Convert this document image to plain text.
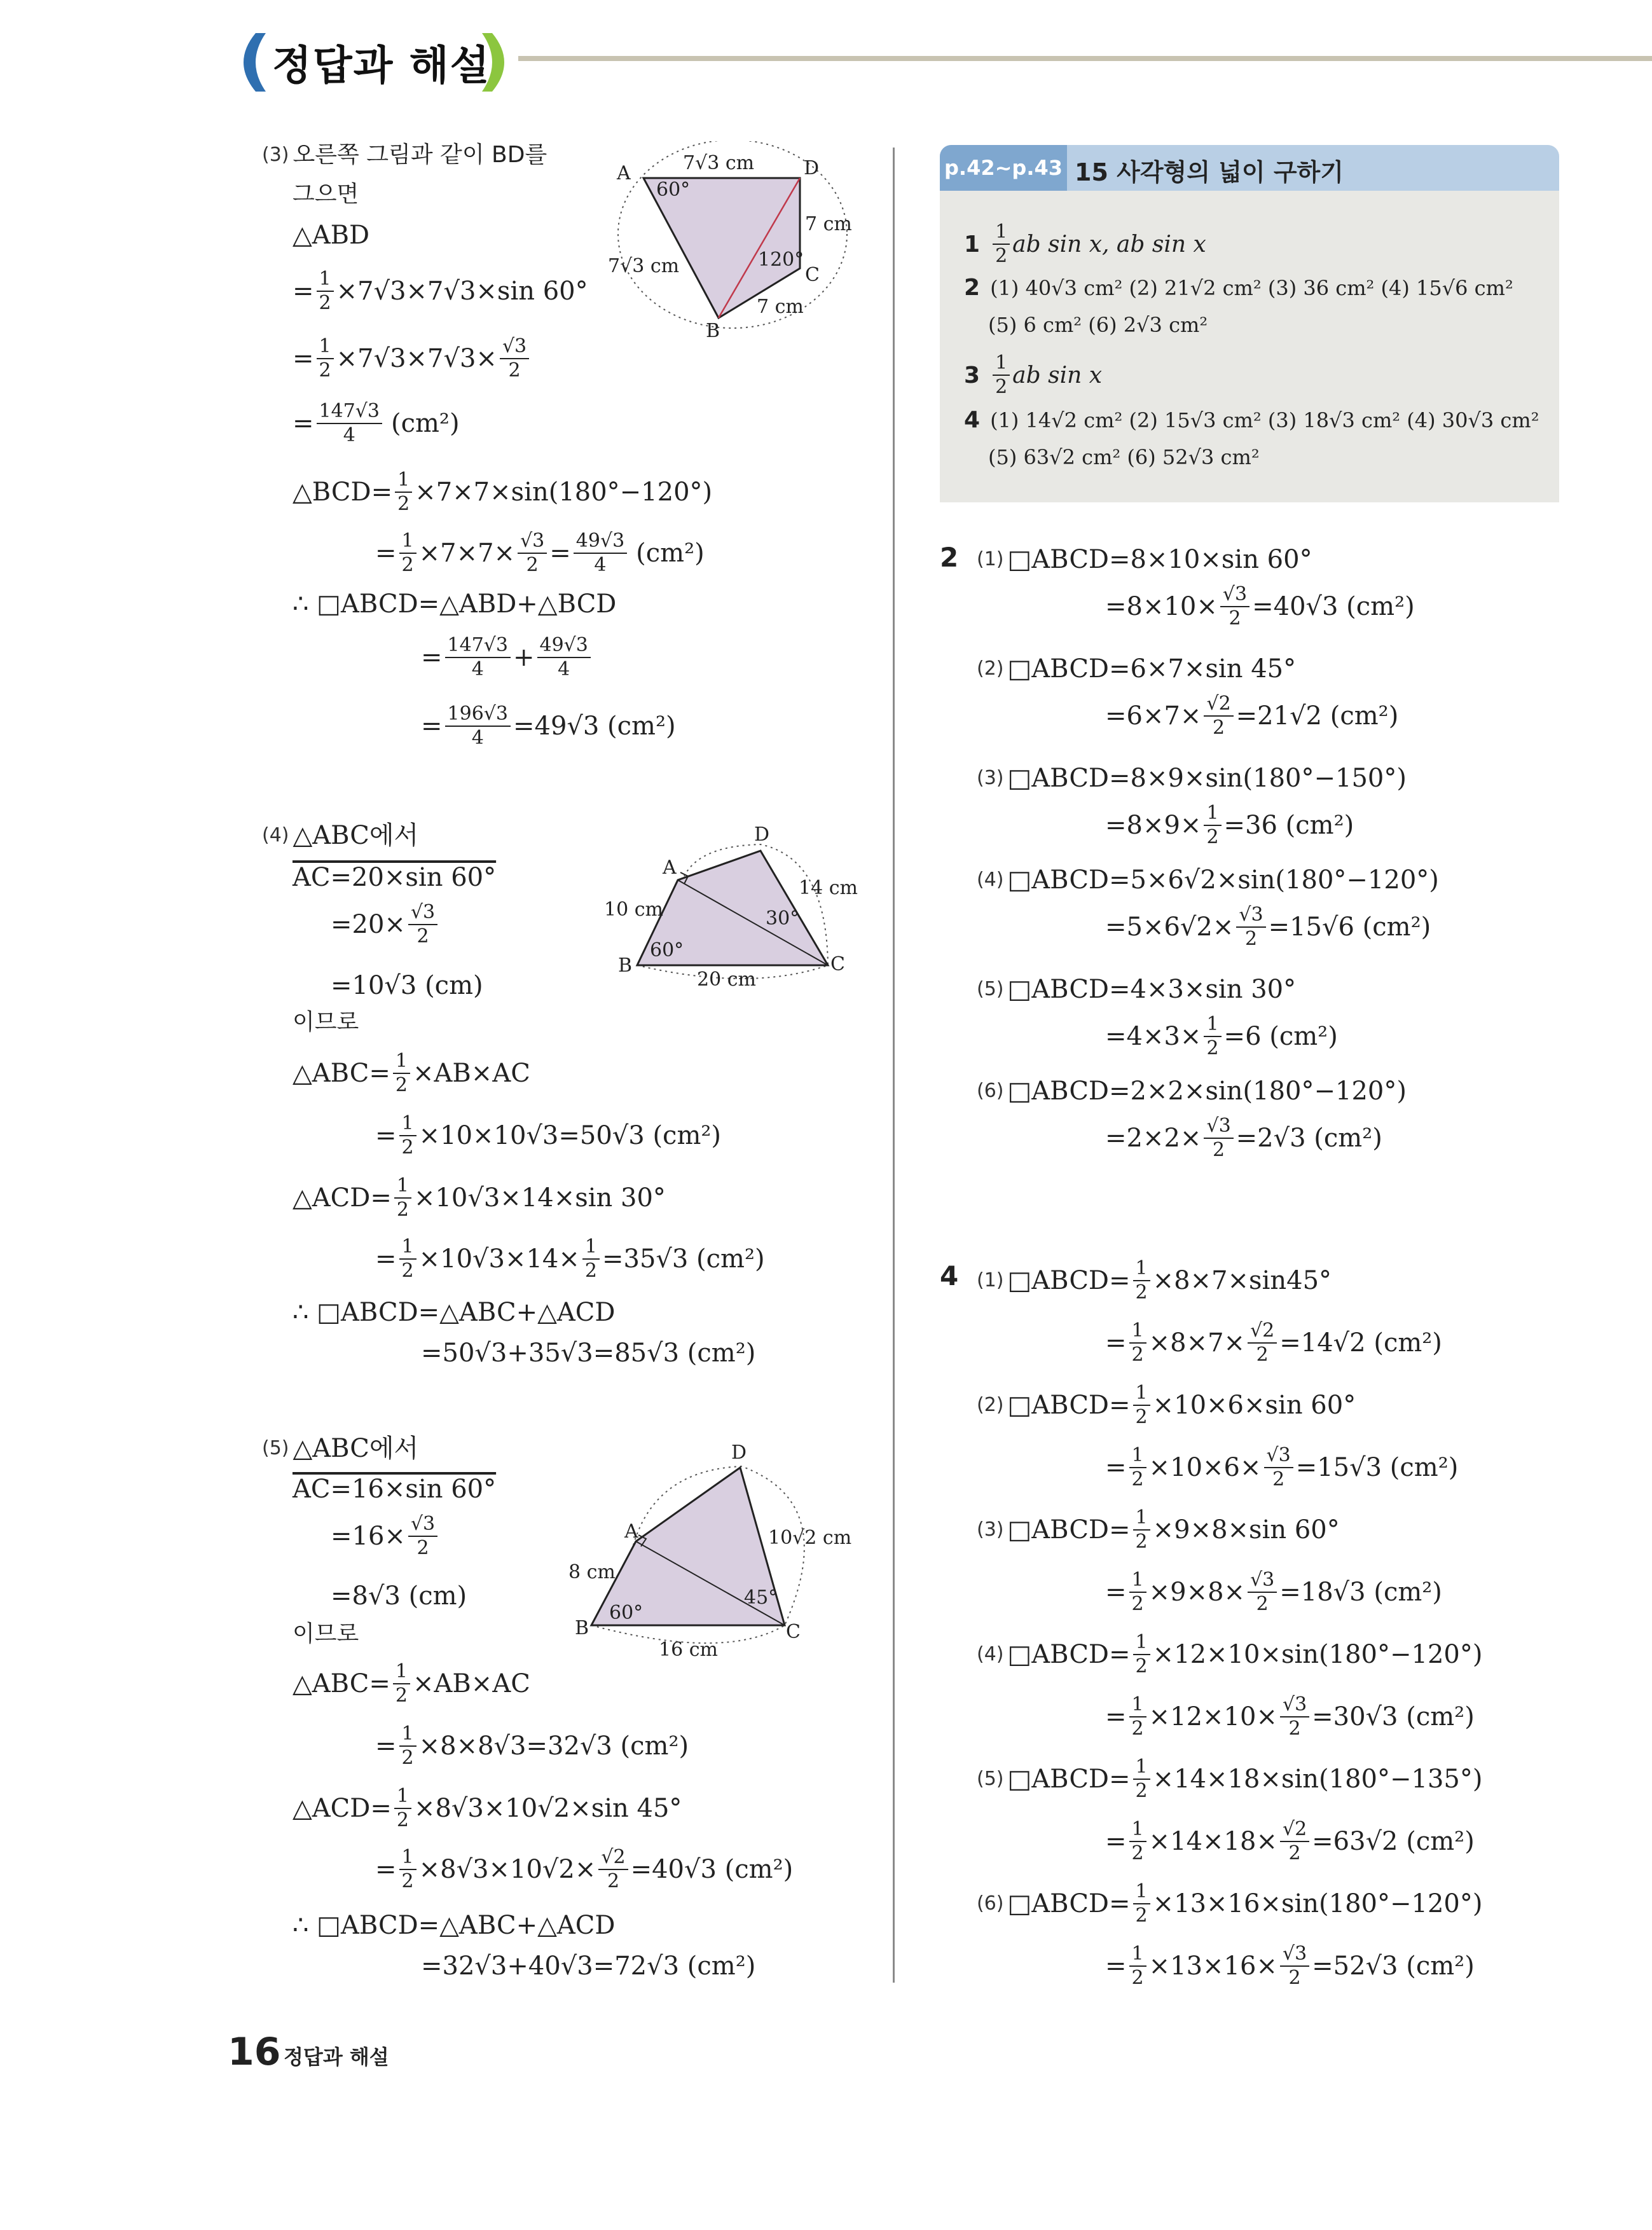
정답과 해설
(3) 오른쪽 그림과 같이 BD를
그으면
△ABD
= $\frac{1}{2} \times 7√3\times 7√3\times\sin$ 60°
= $\frac{1}{2} \times 7√3\times 7√3\times \frac{√3}{2}$
= $\frac{147√3}{4} (cm^2)$
△BCD= $\frac{1}{2} \times 7\times 7\times\sin(180^\circ-120^\circ)$
= $\frac{1}{2} \times 7\times 7\times \frac{√3}{2} = \frac{49√3}{4} (cm^2)$
∴ □ABCD=△ABD+△BCD
= $\frac{147√3}{4} + \frac{49√3}{4}$
= $\frac{196√3}{4} =49√3$ (cm²)
A	D
C
B
7√3 cm
7 cm
7√3 cm
7 cm
60°
120°
(4) △ABC에서
AC=20×sin 60°
$=20\times \frac{√3}{2}$
=10√3 (cm)
이므로
△ABC= $\frac{1}{2} \times AB\times AC$
= $\frac{1}{2} \times 10\times 10√3=50√3$ (cm²)
△ACD= $\frac{1}{2} \times 10√3\times 14\times\sin$ 30°
= $\frac{1}{2} \times 10√3\times 14\times \frac{1}{2} =35√3$ (cm²)
∴ □ABCD=△ABC+△ACD
=50√3+35√3=85√3 (cm²)
A
D
C
B
10 cm
20 cm
14 cm
60°
30°
(5) △ABC에서
AC=16×sin 60°
$=16\times \frac{√3}{2}$
=8√3 (cm)
이므로
△ABC= $\frac{1}{2} \times AB\times AC$
= $\frac{1}{2} \times 8\times 8√3=32√3$ (cm²)
△ACD= $\frac{1}{2} \times 8√3\times 10√2\times\sin$ 45°
= $\frac{1}{2} \times 8√3\times 10√2\times \frac{√2}{2} =40√3$ (cm²)
∴ □ABCD=△ABC+△ACD
=32√3+40√3=72√3 (cm²)
A
D
C
B
8 cm
16 cm
10√2 cm
60°
45°
p.42~p.43 15 사각형의 넓이 구하기
$1 \frac{1}{2}$ ab sin x, ab sin x
2 (1) 40√3 cm² (2) 21√2 cm² (3) 36 cm² (4) 15√6 cm²
(5) 6 cm² (6) 2√3 cm²
$3 \frac{1}{2}$ ab sin x
4 (1) 14√2 cm² (2) 15√3 cm² (3) 18√3 cm² (4) 30√3 cm²
(5) 63√2 cm² (6) 52√3 cm²
2 (1) □ABCD=8×10×sin 60°
$=8\times 10\times \frac{√3}{2} =40√3$ (cm²)
(2) □ABCD=6×7×sin 45°
$=6\times 7\times \frac{√2}{2} =21√2$ (cm²)
(3) □ABCD=8×9×sin(180°−150°)
$=8\times 9\times \frac{1}{2} =36$ (cm²)
(4) □ABCD=5×6√2×sin(180°−120°)
$=5\times 6√2\times \frac{√3}{2} =15√6$ (cm²)
(5) □ABCD=4×3×sin 30°
$=4\times 3\times \frac{1}{2} =6$ (cm²)
(6) □ABCD=2×2×sin(180°−120°)
$=2\times 2\times \frac{√3}{2} =2√3$ (cm²)
4 (1) □ABCD= $\frac{1}{2} \times 8\times 7\times\sin 45^\circ$
= $\frac{1}{2} \times 8\times 7\times \frac{√2}{2} =14√2$ (cm²)
(2) □ABCD= $\frac{1}{2} \times 10\times 6\times\sin$ 60°
= $\frac{1}{2} \times 10\times 6\times \frac{√3}{2} =15√3$ (cm²)
(3) □ABCD= $\frac{1}{2} \times 9\times 8\times\sin$ 60°
= $\frac{1}{2} \times 9\times 8\times \frac{√3}{2} =18√3$ (cm²)
(4) □ABCD= $\frac{1}{2} \times 12\times 10\times\sin(180^\circ-120^\circ)$
= $\frac{1}{2} \times 12\times 10\times \frac{√3}{2} =30√3$ (cm²)
(5) □ABCD= $\frac{1}{2} \times 14\times 18\times\sin(180^\circ-135^\circ)$
= $\frac{1}{2} \times 14\times 18\times \frac{√2}{2} =63√2$ (cm²)
(6) □ABCD= $\frac{1}{2} \times 13\times 16\times\sin(180^\circ-120^\circ)$
= $\frac{1}{2} \times 13\times 16\times \frac{√3}{2} =52√3$ (cm²)
16 정답과 해설
